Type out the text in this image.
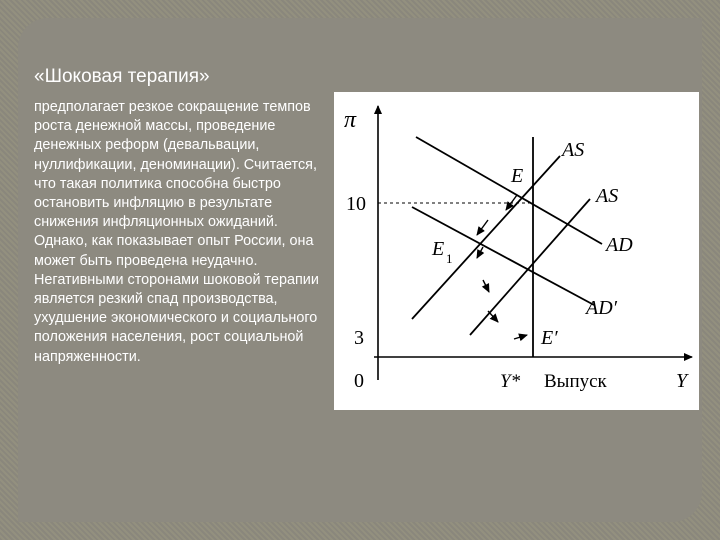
«Шоковая терапия»

предполагает резкое сокращение темпов роста денежной массы, проведение денежных реформ (девальвации, нуллификации, деноминации). Считается, что такая политика способна быстро остановить инфляцию в результате снижения инфляционных ожиданий. Однако, как показывает опыт России, она может быть проведена неудачно. Негативными сторонами шоковой терапии является резкий спад производства, ухудшение экономического и социального положения населения, рост социальной напряженности.

π
10
3
0	Y* Выпуск	Y
AS
AS
AD
AD′
E
E 1
E′
